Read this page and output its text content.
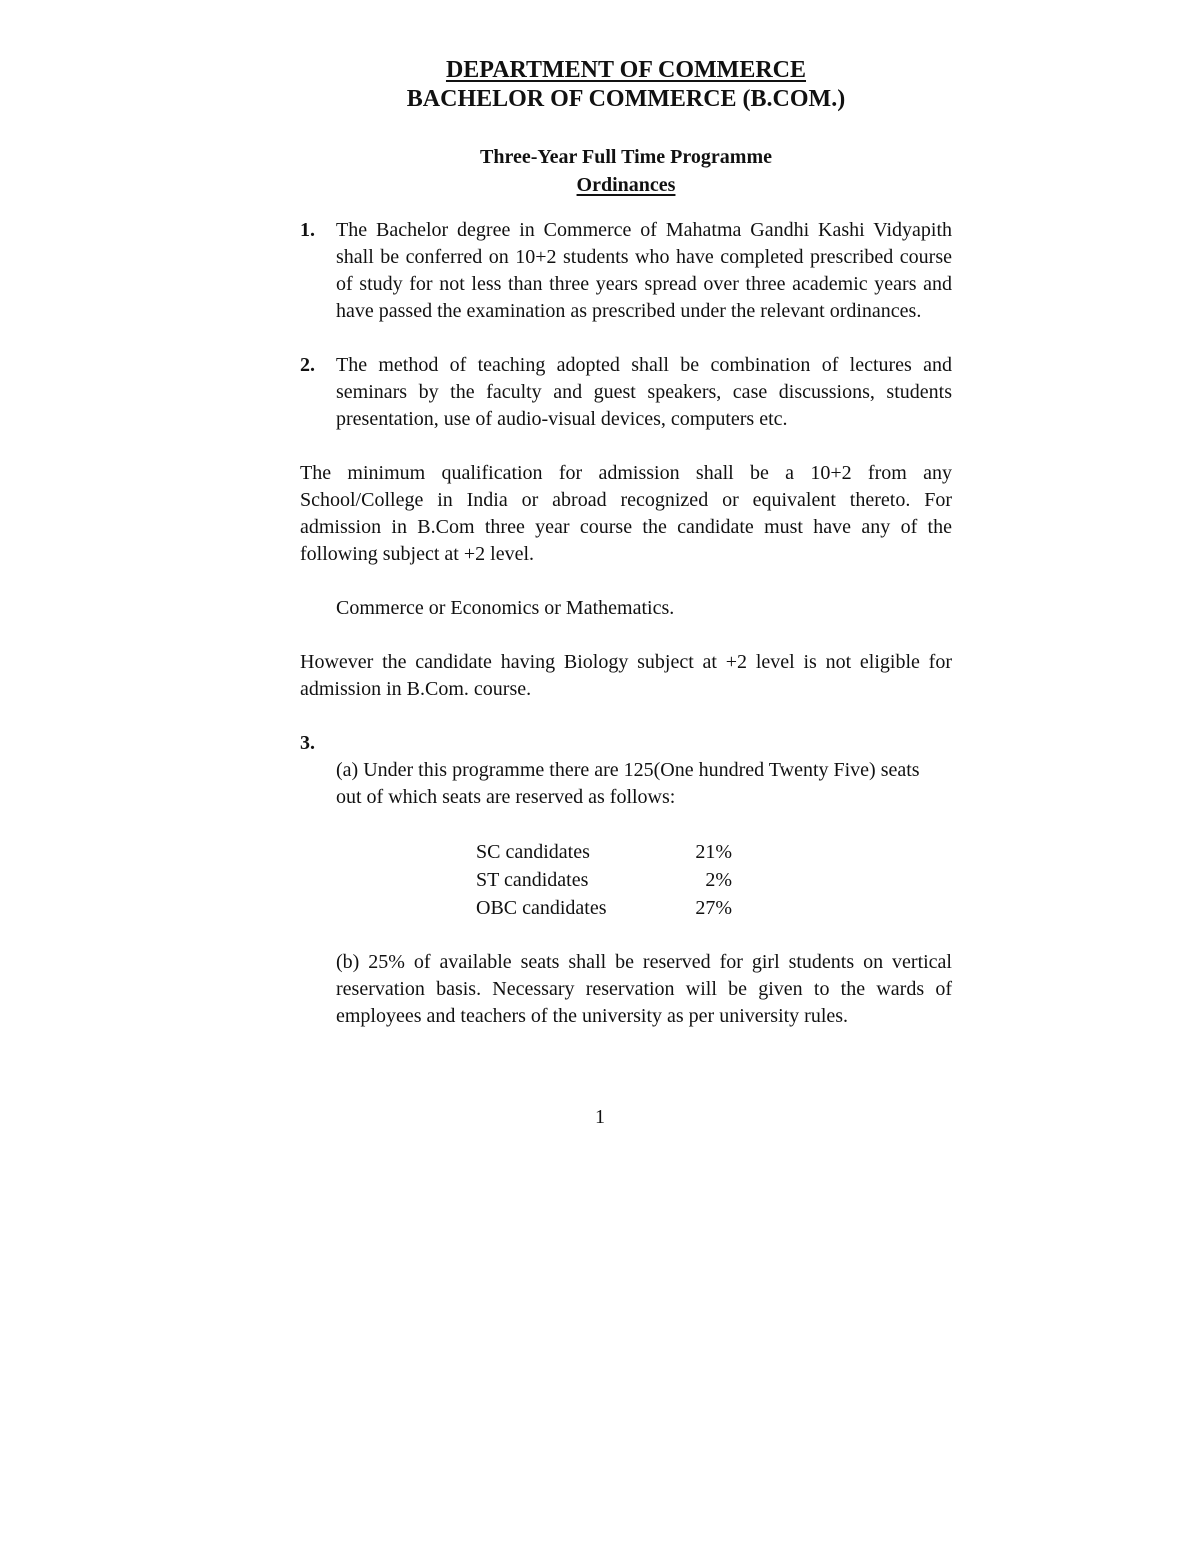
DEPARTMENT OF COMMERCE
BACHELOR OF COMMERCE (B.COM.)
Three-Year Full Time Programme
Ordinances
1.	The Bachelor degree in Commerce of Mahatma Gandhi Kashi Vidyapith shall be conferred on 10+2 students who have completed prescribed course of study for not less than three years spread over three academic years and have passed the examination as prescribed under the relevant ordinances.
2.	The method of teaching adopted shall be combination of lectures and seminars by the faculty and guest speakers, case discussions, students presentation, use of audio-visual devices, computers etc.
The minimum qualification for admission shall be a 10+2 from any School/College in India or abroad recognized or equivalent thereto. For admission in B.Com three year course the candidate must have any of the following subject at +2 level.
Commerce or Economics or Mathematics.
However the candidate having Biology subject at +2 level is not eligible for admission in B.Com. course.
3.
(a) Under this programme there are 125(One hundred Twenty Five) seats out of which seats are reserved as follows:
SC candidates	21%
ST candidates	2%
OBC candidates	27%
(b) 25% of available seats shall be reserved for girl students on vertical reservation basis. Necessary reservation will be given to the wards of employees and teachers of the university as per university rules.
1
